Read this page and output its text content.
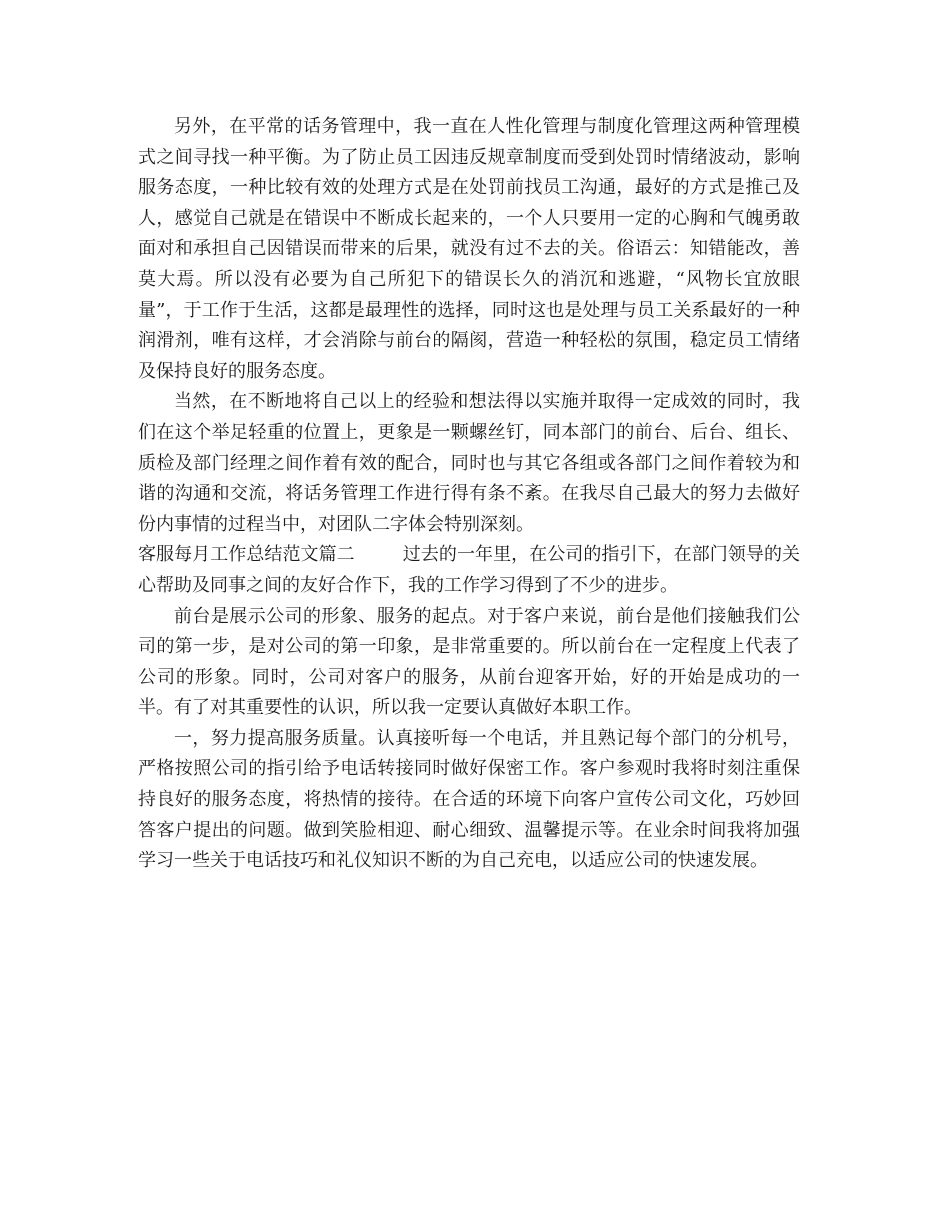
另外，在平常的话务管理中，我一直在人性化管理与制度化管理这两种管理模式之间寻找一种平衡。为了防止员工因违反规章制度而受到处罚时情绪波动，影响服务态度，一种比较有效的处理方式是在处罚前找员工沟通，最好的方式是推己及人，感觉自己就是在错误中不断成长起来的，一个人只要用一定的心胸和气魄勇敢面对和承担自己因错误而带来的后果，就没有过不去的关。俗语云：知错能改，善莫大焉。所以没有必要为自己所犯下的错误长久的消沉和逃避，“风物长宜放眼量”，于工作于生活，这都是最理性的选择，同时这也是处理与员工关系最好的一种润滑剂，唯有这样，才会消除与前台的隔阂，营造一种轻松的氛围，稳定员工情绪及保持良好的服务态度。

当然，在不断地将自己以上的经验和想法得以实施并取得一定成效的同时，我们在这个举足轻重的位置上，更象是一颗螺丝钉，同本部门的前台、后台、组长、质检及部门经理之间作着有效的配合，同时也与其它各组或各部门之间作着较为和谐的沟通和交流，将话务管理工作进行得有条不紊。在我尽自己最大的努力去做好份内事情的过程当中，对团队二字体会特别深刻。

客服每月工作总结范文篇二	过去的一年里，在公司的指引下，在部门领导的关心帮助及同事之间的友好合作下，我的工作学习得到了不少的进步。

前台是展示公司的形象、服务的起点。对于客户来说，前台是他们接触我们公司的第一步，是对公司的第一印象，是非常重要的。所以前台在一定程度上代表了公司的形象。同时，公司对客户的服务，从前台迎客开始，好的开始是成功的一半。有了对其重要性的认识，所以我一定要认真做好本职工作。

一，努力提高服务质量。认真接听每一个电话，并且熟记每个部门的分机号，严格按照公司的指引给予电话转接同时做好保密工作。客户参观时我将时刻注重保持良好的服务态度，将热情的接待。在合适的环境下向客户宣传公司文化，巧妙回答客户提出的问题。做到笑脸相迎、耐心细致、温馨提示等。在业余时间我将加强学习一些关于电话技巧和礼仪知识不断的为自己充电，以适应公司的快速发展。
